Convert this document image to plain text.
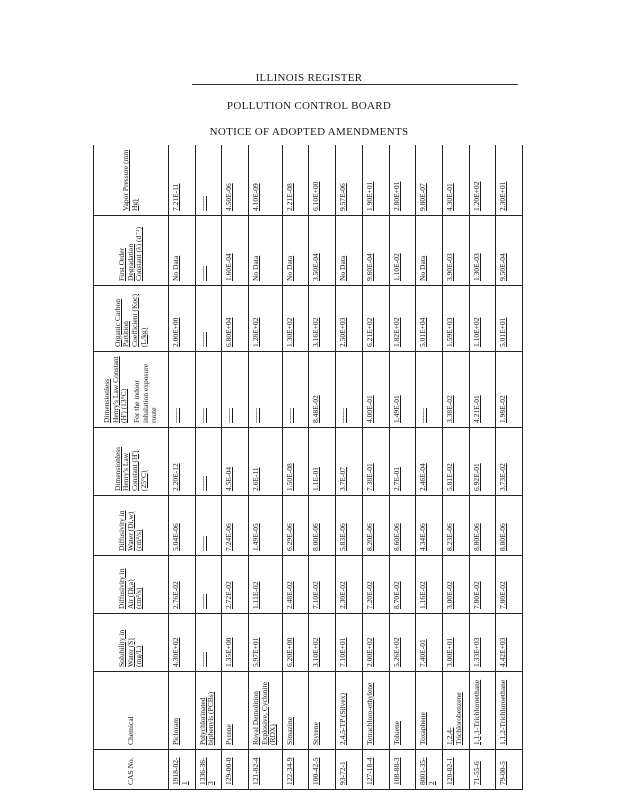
ILLINOIS REGISTER
POLLUTION CONTROL BOARD
NOTICE OF ADOPTED AMENDMENTS
CAS No.	Chemical	Solubility in Water (S) (mg/L)	Diffusivity in Air (Di,a) (cm²/s)	Diffusivity in Water (Di,w) (cm²/s)	Dimensionless Henry's Law Constant (H') (25°C)	Dimensionless Henry's Law Constant (H') (13°C) For the indoor inhalation exposure route	Organic Carbon Partition Coefficient (Koc) (L/kg)	First Order Degradation Constant (λ) (d⁻¹)	Vapor Pressure (mm Hg)
1918-02-1	Picloram	4.30E+02	2.76E-02	5.04E-06	2.20E-12	------	2.00E+00	No Data	7.21E-11
1336-36-3	Polychlorinated biphenyls (PCBs)	------	------	------	------	------	------	------	------
129-00-0	Pyrene	1.35E+00	2.72E-02	7.24E-06	4.5E-04	------	6.80E+04	1.60E-04	4.50E-06
121-82-4	Royal Demolition Explosive, Cyclonite (RDX)	5.97E+01	1.11E-02	1.49E-05	2.6E-11	------	1.28E+02	No Data	4.10E-09
122-34-9	Simazine	6.20E+00	2.48E-02	6.29E-06	1.50E-08	------	1.30E+02	No Data	2.21E-08
100-42-5	Styrene	3.10E+02	7.10E-02	8.00E-06	1.1E-01	8.48E-02	3.16E+02	3.50E-04	6.10E+00
93-72-1	2,4,5-TP (Silvex)	7.10E+01	2.30E-02	5.83E-06	3.7E-07	------	2.50E+03	No Data	9.57E-06
127-18-4	Tetrachloro-ethylene	2.00E+02	7.20E-02	8.20E-06	7.38E-01	4.00E-01	6.21E+02	9.60E-04	1.90E+01
108-88-3	Toluene	5.26E+02	8.70E-02	8.60E-06	2.7E-01	1.49E-01	1.82E+02	1.10E-02	2.80E+01
8001-35-2	Toxaphene	7.40E-01	1.16E-02	4.34E-06	2.46E-04	------	5.01E+04	No Data	9.80E-07
120-82-1	1,2,4-Trichlorobenzene	3.00E+01	3.00E-02	8.23E-06	5.81E-02	3.38E-02	1.59E+03	3.90E-03	4.30E-01
71-55-6	1,1,1-Trichloroethane	1.33E+03	7.80E-02	8.80E-06	6.92E-01	4.21E-01	1.10E+02	1.30E-03	1.20E+02
79-00-5	1,1,2-Trichloroethane	4.42E+03	7.80E-02	8.80E-06	3.73E-02	1.98E-02	5.01E+01	9.50E-04	2.30E+01
